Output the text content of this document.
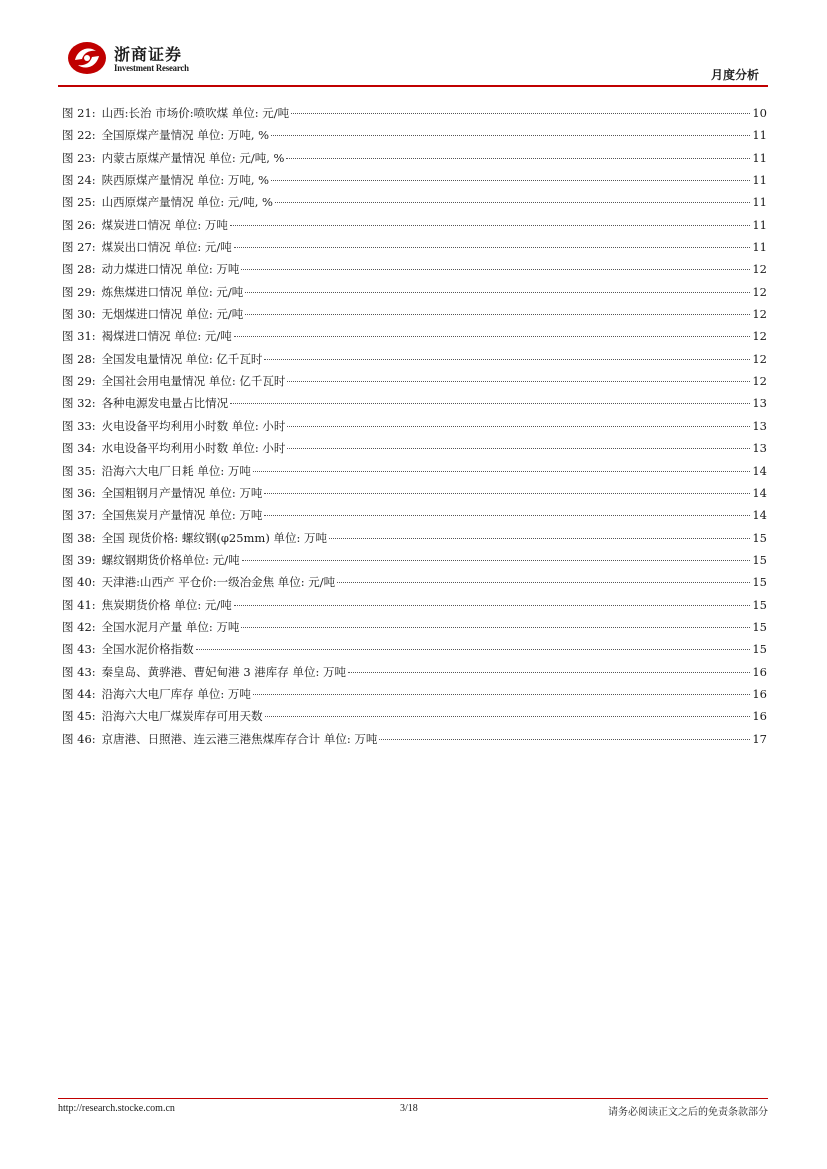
浙商证券
Investment Research	月度分析
图 21: 山西:长治 市场价:喷吹煤 单位: 元/吨	10
图 22: 全国原煤产量情况 单位: 万吨, %	11
图 23: 内蒙古原煤产量情况 单位: 元/吨, %	11
图 24: 陕西原煤产量情况 单位: 万吨, %	11
图 25: 山西原煤产量情况 单位: 元/吨, %	11
图 26: 煤炭进口情况 单位: 万吨	11
图 27: 煤炭出口情况 单位: 元/吨	11
图 28: 动力煤进口情况 单位: 万吨	12
图 29: 炼焦煤进口情况 单位: 元/吨	12
图 30: 无烟煤进口情况 单位: 元/吨	12
图 31: 褐煤进口情况 单位: 元/吨	12
图 28: 全国发电量情况 单位: 亿千瓦时	12
图 29: 全国社会用电量情况 单位: 亿千瓦时	12
图 32: 各种电源发电量占比情况	13
图 33: 火电设备平均利用小时数 单位: 小时	13
图 34: 水电设备平均利用小时数 单位: 小时	13
图 35: 沿海六大电厂日耗 单位: 万吨	14
图 36: 全国粗钢月产量情况 单位: 万吨	14
图 37: 全国焦炭月产量情况 单位: 万吨	14
图 38: 全国 现货价格: 螺纹钢(φ25mm) 单位: 万吨	15
图 39: 螺纹钢期货价格单位: 元/吨	15
图 40: 天津港:山西产 平仓价:一级冶金焦 单位: 元/吨	15
图 41: 焦炭期货价格 单位: 元/吨	15
图 42: 全国水泥月产量 单位: 万吨	15
图 43: 全国水泥价格指数	15
图 43: 秦皇岛、黄骅港、曹妃甸港 3 港库存 单位: 万吨	16
图 44: 沿海六大电厂库存 单位: 万吨	16
图 45: 沿海六大电厂煤炭库存可用天数	16
图 46: 京唐港、日照港、连云港三港焦煤库存合计 单位: 万吨	17
http://research.stocke.com.cn	3/18	请务必阅读正文之后的免责条款部分
